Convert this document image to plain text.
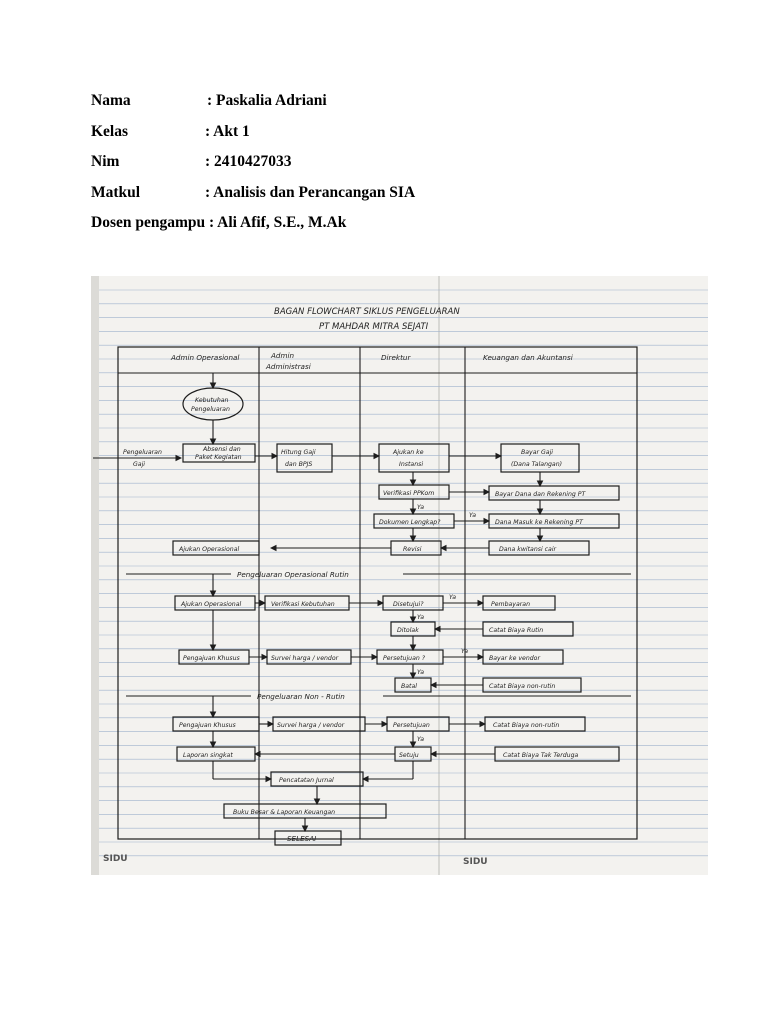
Nama	: Paskalia Adriani
Kelas	: Akt 1
Nim	: 2410427033
Matkul	: Analisis dan Perancangan SIA
Dosen pengampu : Ali Afif, S.E., M.Ak
BAGAN FLOWCHART SIKLUS PENGELUARAN
PT MAHDAR MITRA SEJATI
Admin Operasional	Admin
Administrasi
Direktur	Keuangan dan Akuntansi
Pengeluaran
Gaji
Kebutuhan
Pengeluaran
Absensi dan
Paket Kegiatan
Hitung Gaji
dan BPJS
Ajukan ke
Instansi
Bayar Gaji
(Dana Talangan)
Verifikasi PPKom	Bayar Dana dan Rekening PT
Ya
Dokumen Lengkap?
Ya
Dana Masuk ke Rekening PT
Ajukan Operasional	Revisi	Dana kwitansi cair
Pengeluaran Operasional Rutin
Ajukan Operasional	Verifikasi Kebutuhan	Disetujui?
Ya
Pembayaran
Ya
Ditolak	Catat Biaya Rutin
Pengajuan Khusus	Survei harga / vendor	Persetujuan ?
Ya
Bayar ke vendor
Ya
Batal	Catat Biaya non-rutin
Pengeluaran Non - Rutin
Pengajuan Khusus	Survei harga / vendor	Persetujuan	Catat Biaya non-rutin
Ya
Laporan singkat	Setuju	Catat Biaya Tak Terduga
Pencatatan Jurnal
Buku Besar & Laporan Keuangan
SELESAI
SIDU	SIDU
